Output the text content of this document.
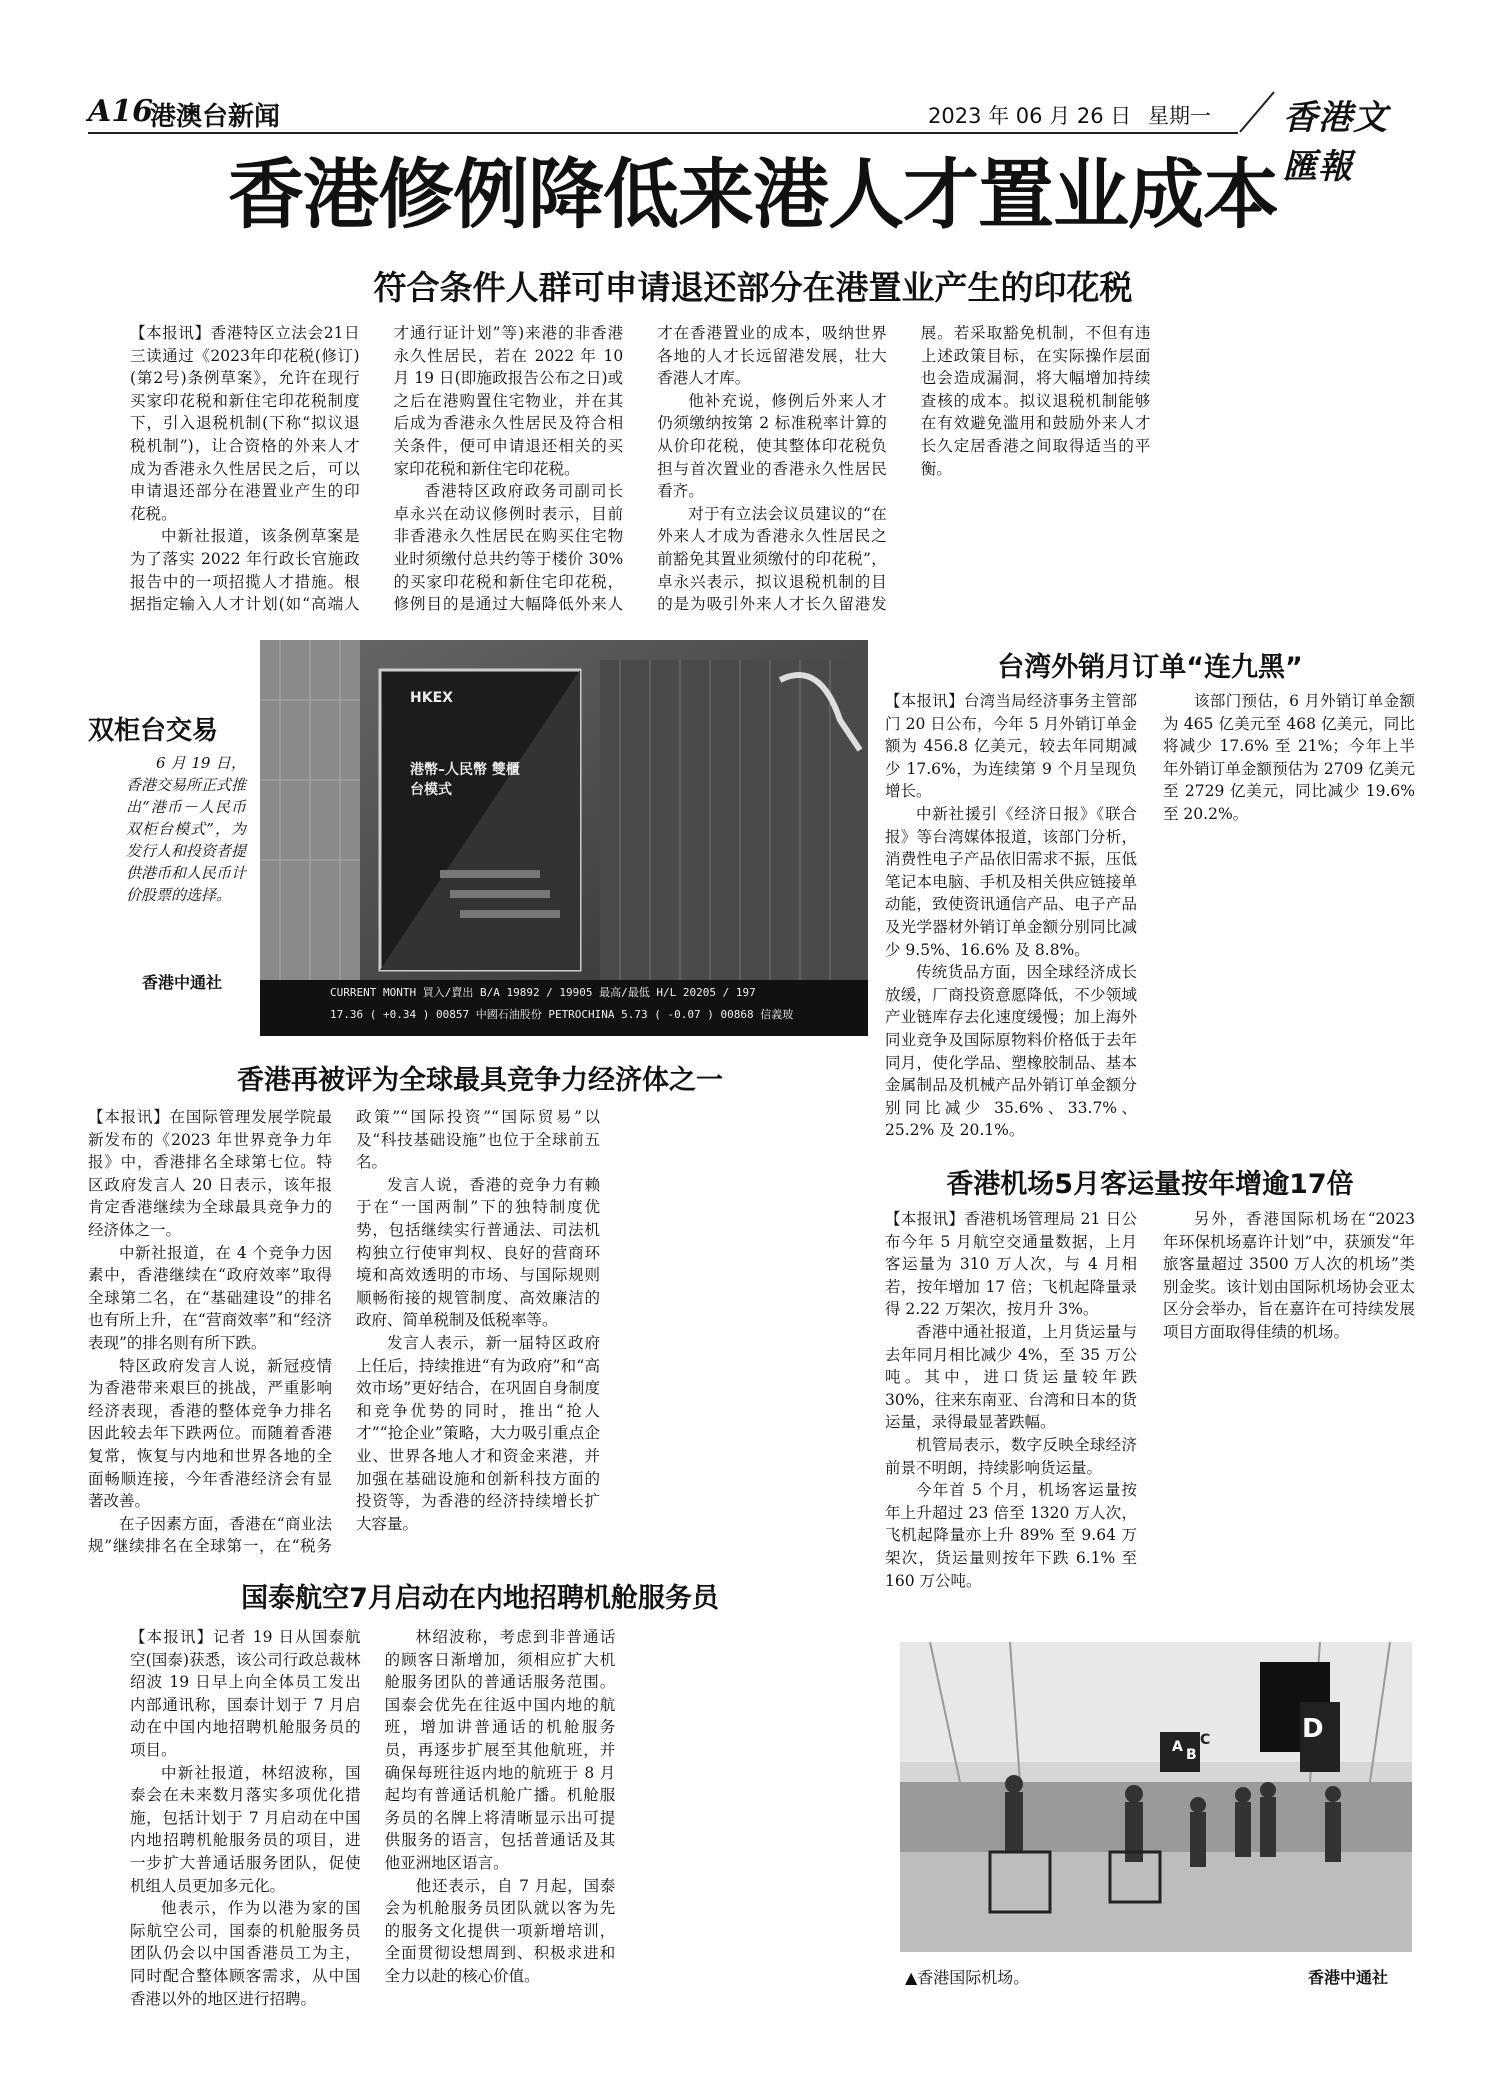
A16
港澳台新闻	2023 年 06 月 26 日 星期一 香港文匯報
香港修例降低来港人才置业成本
符合条件人群可申请退还部分在港置业产生的印花税

【本报讯】香港特区立法会21日三读通过《2023年印花税(修订)(第2号)条例草案》，允许在现行买家印花税和新住宅印花税制度下，引入退税机制(下称“拟议退税机制”)，让合资格的外来人才成为香港永久性居民之后，可以申请退还部分在港置业产生的印花税。

中新社报道，该条例草案是为了落实 2022 年行政长官施政报告中的一项招揽人才措施。根据指定输入人才计划(如“高端人才通行证计划”等)来港的非香港永久性居民，若在 2022 年 10 月 19 日(即施政报告公布之日)或之后在港购置住宅物业，并在其后成为香港永久性居民及符合相关条件，便可申请退还相关的买家印花税和新住宅印花税。

香港特区政府政务司副司长卓永兴在动议修例时表示，目前非香港永久性居民在购买住宅物业时须缴付总共约等于楼价 30%的买家印花税和新住宅印花税，修例目的是通过大幅降低外来人才在香港置业的成本，吸纳世界各地的人才长远留港发展，壮大香港人才库。

他补充说，修例后外来人才仍须缴纳按第 2 标准税率计算的从价印花税，使其整体印花税负担与首次置业的香港永久性居民看齐。

对于有立法会议员建议的“在外来人才成为香港永久性居民之前豁免其置业须缴付的印花税”，卓永兴表示，拟议退税机制的目的是为吸引外来人才长久留港发展。若采取豁免机制，不但有违上述政策目标，在实际操作层面也会造成漏洞，将大幅增加持续查核的成本。拟议退税机制能够在有效避免滥用和鼓励外来人才长久定居香港之间取得适当的平衡。

双柜台交易

6 月 19 日，香港交易所正式推出“港币－人民币双柜台模式”，为发行人和投资者提供港币和人民币计价股票的选择。

香港中通社
HKEX
港幣–人民幣 雙櫃台模式
CURRENT MONTH 買入/賣出 B/A 19892 / 19905 最高/最低 H/L 20205 / 197
17.36 ( +0.34 ) 00857 中國石油股份 PETROCHINA 5.73 ( -0.07 ) 00868 信義玻
台湾外销月订单“连九黑”

【本报讯】台湾当局经济事务主管部门 20 日公布，今年 5 月外销订单金额为 456.8 亿美元，较去年同期减少 17.6%，为连续第 9 个月呈现负增长。

中新社援引《经济日报》《联合报》等台湾媒体报道，该部门分析，消费性电子产品依旧需求不振，压低笔记本电脑、手机及相关供应链接单动能，致使资讯通信产品、电子产品及光学器材外销订单金额分别同比减少 9.5%、16.6% 及 8.8%。

传统货品方面，因全球经济成长放缓，厂商投资意愿降低，不少领域产业链库存去化速度缓慢；加上海外同业竞争及国际原物料价格低于去年同月，使化学品、塑橡胶制品、基本金属制品及机械产品外销订单金额分别同比减少 35.6%、33.7%、25.2% 及 20.1%。

该部门预估，6 月外销订单金额为 465 亿美元至 468 亿美元，同比将减少 17.6% 至 21%；今年上半年外销订单金额预估为 2709 亿美元至 2729 亿美元，同比减少 19.6% 至 20.2%。

香港再被评为全球最具竞争力经济体之一

【本报讯】在国际管理发展学院最新发布的《2023 年世界竞争力年报》中，香港排名全球第七位。特区政府发言人 20 日表示，该年报肯定香港继续为全球最具竞争力的经济体之一。

中新社报道，在 4 个竞争力因素中，香港继续在“政府效率”取得全球第二名，在“基础建设”的排名也有所上升，在“营商效率”和“经济表现”的排名则有所下跌。

特区政府发言人说，新冠疫情为香港带来艰巨的挑战，严重影响经济表现，香港的整体竞争力排名因此较去年下跌两位。而随着香港复常，恢复与内地和世界各地的全面畅顺连接，今年香港经济会有显著改善。

在子因素方面，香港在“商业法规”继续排名在全球第一，在“税务政策”“国际投资”“国际贸易”以及“科技基础设施”也位于全球前五名。

发言人说，香港的竞争力有赖于在“一国两制”下的独特制度优势，包括继续实行普通法、司法机构独立行使审判权、良好的营商环境和高效透明的市场、与国际规则顺畅衔接的规管制度、高效廉洁的政府、简单税制及低税率等。

发言人表示，新一届特区政府上任后，持续推进“有为政府”和“高效市场”更好结合，在巩固自身制度和竞争优势的同时，推出“抢人才”“抢企业”策略，大力吸引重点企业、世界各地人才和资金来港，并加强在基础设施和创新科技方面的投资等，为香港的经济持续增长扩大容量。

香港机场5月客运量按年增逾17倍

【本报讯】香港机场管理局 21 日公布今年 5 月航空交通量数据，上月客运量为 310 万人次，与 4 月相若，按年增加 17 倍；飞机起降量录得 2.22 万架次，按月升 3%。

香港中通社报道，上月货运量与去年同月相比减少 4%，至 35 万公吨。其中，进口货运量较年跌 30%，往来东南亚、台湾和日本的货运量，录得最显著跌幅。

机管局表示，数字反映全球经济前景不明朗，持续影响货运量。

今年首 5 个月，机场客运量按年上升超过 23 倍至 1320 万人次，飞机起降量亦上升 89% 至 9.64 万架次，货运量则按年下跌 6.1% 至 160 万公吨。

另外，香港国际机场在“2023 年环保机场嘉许计划”中，获颁发“年旅客量超过 3500 万人次的机场”类别金奖。该计划由国际机场协会亚太区分会举办，旨在嘉许在可持续发展项目方面取得佳绩的机场。

国泰航空7月启动在内地招聘机舱服务员

【本报讯】记者 19 日从国泰航空(国泰)获悉，该公司行政总裁林绍波 19 日早上向全体员工发出内部通讯称，国泰计划于 7 月启动在中国内地招聘机舱服务员的项目。

中新社报道，林绍波称，国泰会在未来数月落实多项优化措施，包括计划于 7 月启动在中国内地招聘机舱服务员的项目，进一步扩大普通话服务团队，促使机组人员更加多元化。

他表示，作为以港为家的国际航空公司，国泰的机舱服务员团队仍会以中国香港员工为主，同时配合整体顾客需求，从中国香港以外的地区进行招聘。

林绍波称，考虑到非普通话的顾客日渐增加，须相应扩大机舱服务团队的普通话服务范围。国泰会优先在往返中国内地的航班，增加讲普通话的机舱服务员，再逐步扩展至其他航班，并确保每班往返内地的航班于 8 月起均有普通话机舱广播。机舱服务员的名牌上将清晰显示出可提供服务的语言，包括普通话及其他亚洲地区语言。

他还表示，自 7 月起，国泰会为机舱服务员团队就以客为先的服务文化提供一项新增培训，全面贯彻设想周到、积极求进和全力以赴的核心价值。

A B
C	D
▲香港国际机场。	香港中通社
